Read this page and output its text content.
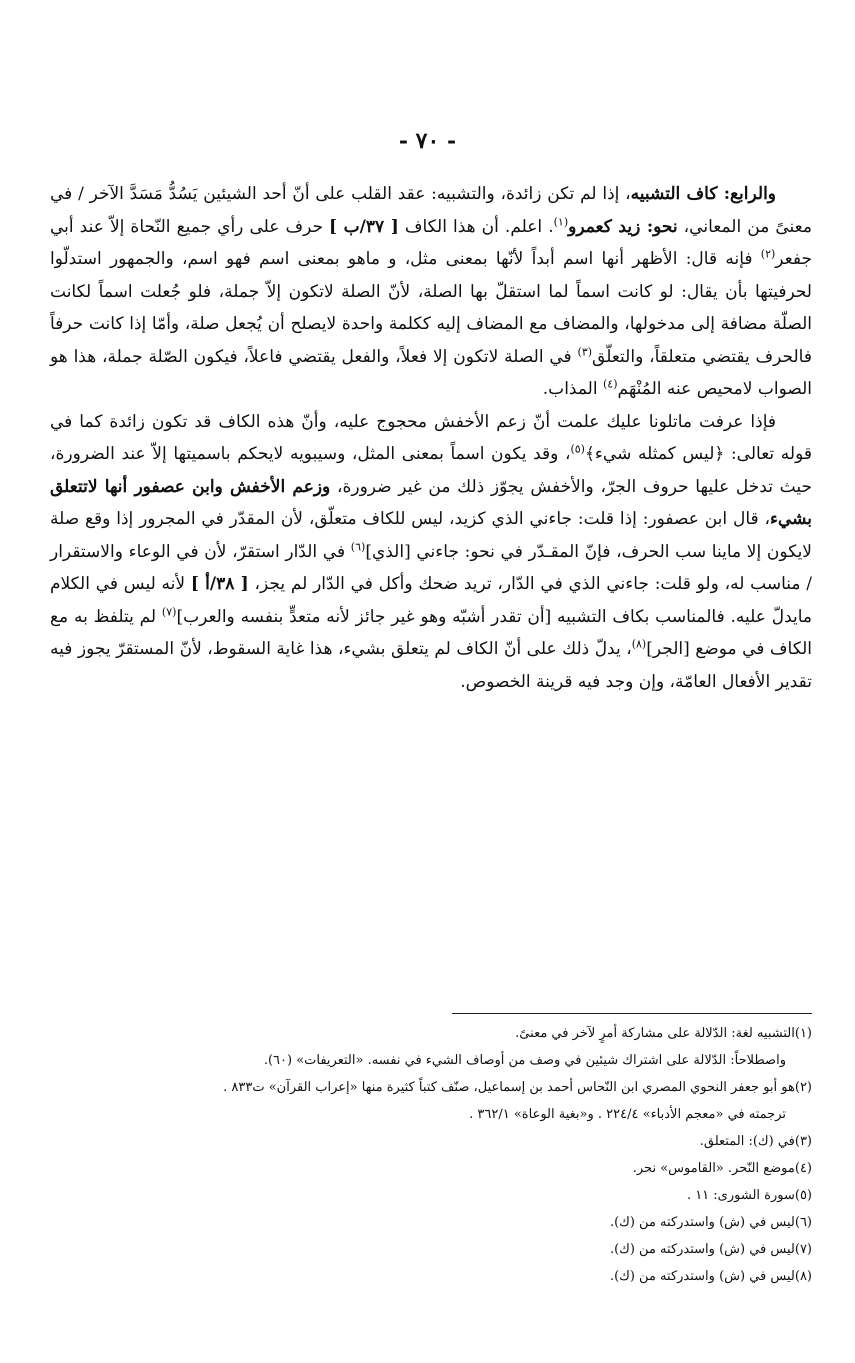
- ٧٠ -

والرابع: كاف التشبيه، إذا لم تكن زائدة، والتشبيه: عقد القلب على أنّ أحد الشيئين يَسُدُّ مَسَدَّ الآخر / في معنىً من المعاني، نحو: زيد كعمرو$^{(١)}$. اعلم. أن هذا الكاف [ ٣٧/ب ] حرف على رأي جميع النّحاة إلاّ عند أبي جفعر$^{(٢)}$ فإنه قال: الأظهر أنها اسم أبداً لأنّها بمعنى مثل، و ماهو بمعنى اسم فهو اسم، والجمهور استدلّوا لحرفيتها بأن يقال: لو كانت اسماً لما استقلّ بها الصلة، لأنّ الصلة لاتكون إلاّ جملة، فلو جُعلت اسماً لكانت الصلّة مضافة إلى مدخولها، والمضاف مع المضاف إليه ككلمة واحدة لايصلح أن يُجعل صلة، وأمّا إذا كانت حرفاً فالحرف يقتضي متعلقاً، والتعلّق$^{(٣)}$ في الصلة لاتكون إلا فعلاً، والفعل يقتضي فاعلاً، فيكون الصّلة جملة، هذا هو الصواب لامحيص عنه المُنْهَم$^{(٤)}$ المذاب.

فإذا عرفت ماتلونا عليك علمت أنّ زعم الأخفش محجوج عليه، وأنّ هذه الكاف قد تكون زائدة كما في قوله تعالى: ﴿ليس كمثله شيء﴾$^{(٥)}$، وقد يكون اسماً بمعنى المثل، وسيبويه لايحكم باسميتها إلاّ عند الضرورة، حيث تدخل عليها حروف الجرّ، والأخفش يجوّز ذلك من غير ضرورة، وزعم الأخفش وابن عصفور أنها لاتتعلق بشيء، قال ابن عصفور: إذا قلت: جاءني الذي كزيد، ليس للكاف متعلّق، لأن المقدّر في المجرور إذا وقع صلة لايكون إلا ماينا سب الحرف، فإنّ المقـدّر في نحو: جاءني [الذي]$^{(٦)}$ في الدّار استقرّ، لأن في الوعاء والاستقرار / مناسب له، ولو قلت: جاءني الذي في الدّار، تريد ضحك وأكل في الدّار لم يجز، [ ٣٨/أ ] لأنه ليس في الكلام مايدلّ عليه. فالمناسب بكاف التشبيه [أن تقدر أشبّه وهو غير جائز لأنه متعدٍّ بنفسه والعرب]$^{(٧)}$ لم يتلفظ به مع الكاف في موضع [الجر]$^{(٨)}$، يدلّ ذلك على أنّ الكاف لم يتعلق بشيء، هذا غاية السقوط، لأنّ المستقرّ يجوز فيه تقدير الأفعال العامّة، وإن وجد فيه قرينة الخصوص.

(١)التشبيه لغة: الدّلالة على مشاركة أمرٍ لآخر في معنىً.
واصطلاحاً: الدّلالة على اشتراك شيئين في وصف من أوصاف الشيء في نفسه. «التعريفات» (٦٠).
(٢)هو أبو جعفر النحوي المصري ابن النّحاس أحمد بن إسماعيل، صنّف كتباً كثيرة منها «إعراب القرآن» ت٨٣٣ .
ترجمته في «معجم الأدباء» ٢٢٤/٤ . و«بغية الوعاة» ٣٦٢/١ .
(٣)في (ك): المتعلق.
(٤)موضع النّحر. «القاموس» نحر.
(٥)سورة الشورى: ١١ .
(٦)ليس في (ش) واستدركته من (ك).
(٧)ليس في (ش) واستدركته من (ك).
(٨)ليس في (ش) واستدركته من (ك).
